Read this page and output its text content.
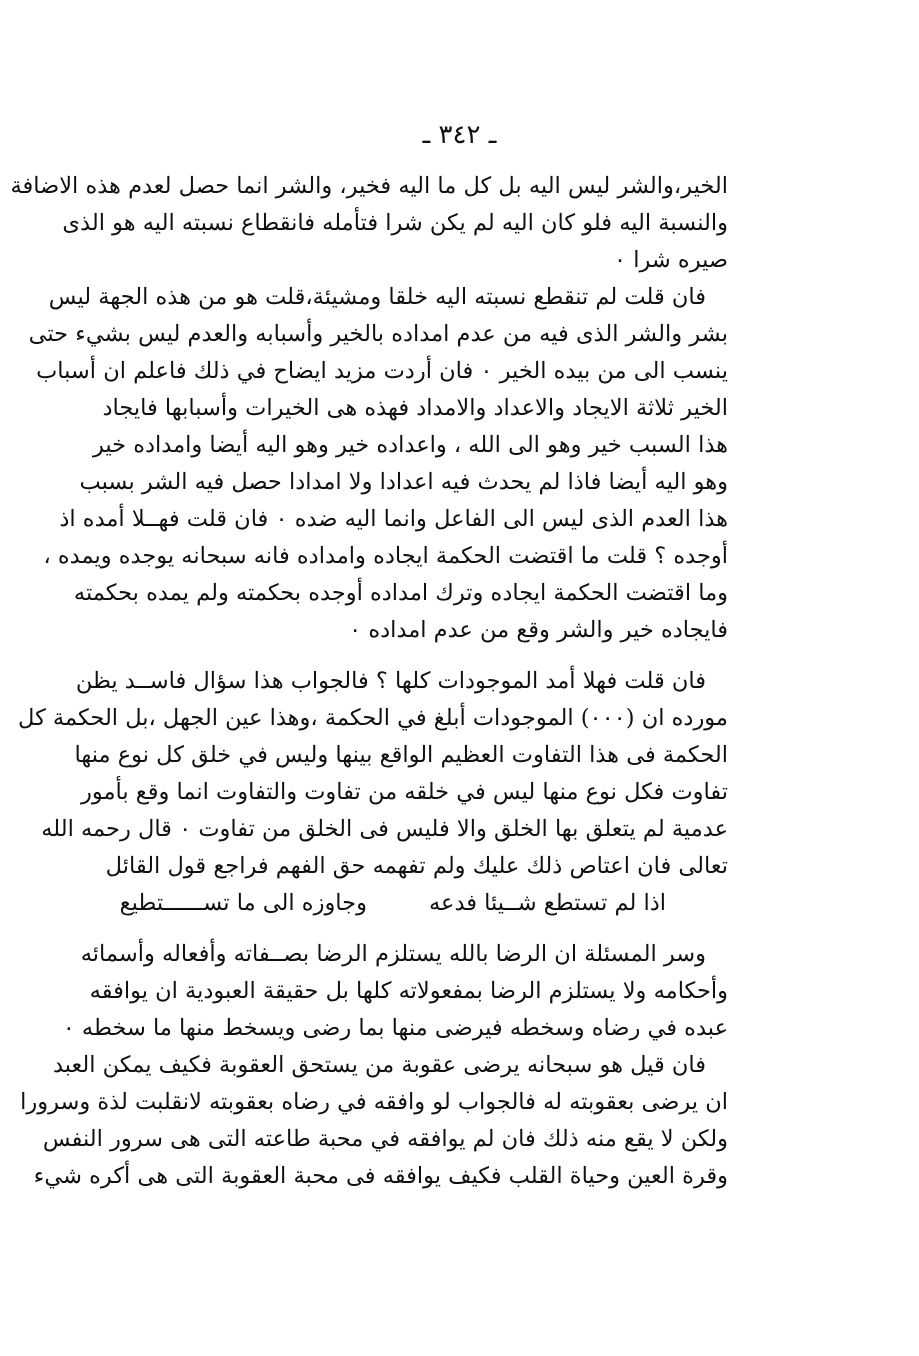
ـ ٣٤٢ ـ
الخير،والشر ليس اليه بل كل ما اليه فخير، والشر انما حصل لعدم هذه الاضافة
والنسبة اليه فلو كان اليه لم يكن شرا فتأمله فانقطاع نسبته اليه هو الذى
صيره شرا ٠
فان قلت لم تنقطع نسبته اليه خلقا ومشيئة،قلت هو من هذه الجهة ليس
بشر والشر الذى فيه من عدم امداده بالخير وأسبابه والعدم ليس بشيء حتى
ينسب الى من بيده الخير ٠ فان أردت مزيد ايضاح في ذلك فاعلم ان أسباب
الخير ثلاثة الايجاد والاعداد والامداد فهذه هى الخيرات وأسبابها فايجاد
هذا السبب خير وهو الى الله ، واعداده خير وهو اليه أيضا وامداده خير
وهو اليه أيضا فاذا لم يحدث فيه اعدادا ولا امدادا حصل فيه الشر بسبب
هذا العدم الذى ليس الى الفاعل وانما اليه ضده ٠ فان قلت فهــلا أمده اذ
أوجده ؟ قلت ما اقتضت الحكمة ايجاده وامداده فانه سبحانه يوجده ويمده ،
وما اقتضت الحكمة ايجاده وترك امداده أوجده بحكمته ولم يمده بحكمته
فايجاده خير والشر وقع من عدم امداده ٠
فان قلت فهلا أمد الموجودات كلها ؟ فالجواب هذا سؤال فاســد يظن
مورده ان (٠٠٠) الموجودات أبلغ في الحكمة ،وهذا عين الجهل ،بل الحكمة كل
الحكمة فى هذا التفاوت العظيم الواقع بينها وليس في خلق كل نوع منها
تفاوت فكل نوع منها ليس في خلقه من تفاوت والتفاوت انما وقع بأمور
عدمية لم يتعلق بها الخلق والا فليس فى الخلق من تفاوت ٠ قال رحمه الله
تعالى فان اعتاص ذلك عليك ولم تفهمه حق الفهم فراجع قول القائل
اذا لم تستطع شــيئا فدعه
وجاوزه الى ما تســــــتطيع
وسر المسئلة ان الرضا بالله يستلزم الرضا بصــفاته وأفعاله وأسمائه
وأحكامه ولا يستلزم الرضا بمفعولاته كلها بل حقيقة العبودية ان يوافقه
عبده في رضاه وسخطه فيرضى منها بما رضى ويسخط منها ما سخطه ٠
فان قيل هو سبحانه يرضى عقوبة من يستحق العقوبة فكيف يمكن العبد
ان يرضى بعقوبته له فالجواب لو وافقه في رضاه بعقوبته لانقلبت لذة وسرورا
ولكن لا يقع منه ذلك فان لم يوافقه في محبة طاعته التى هى سرور النفس
وقرة العين وحياة القلب فكيف يوافقه فى محبة العقوبة التى هى أكره شيء
